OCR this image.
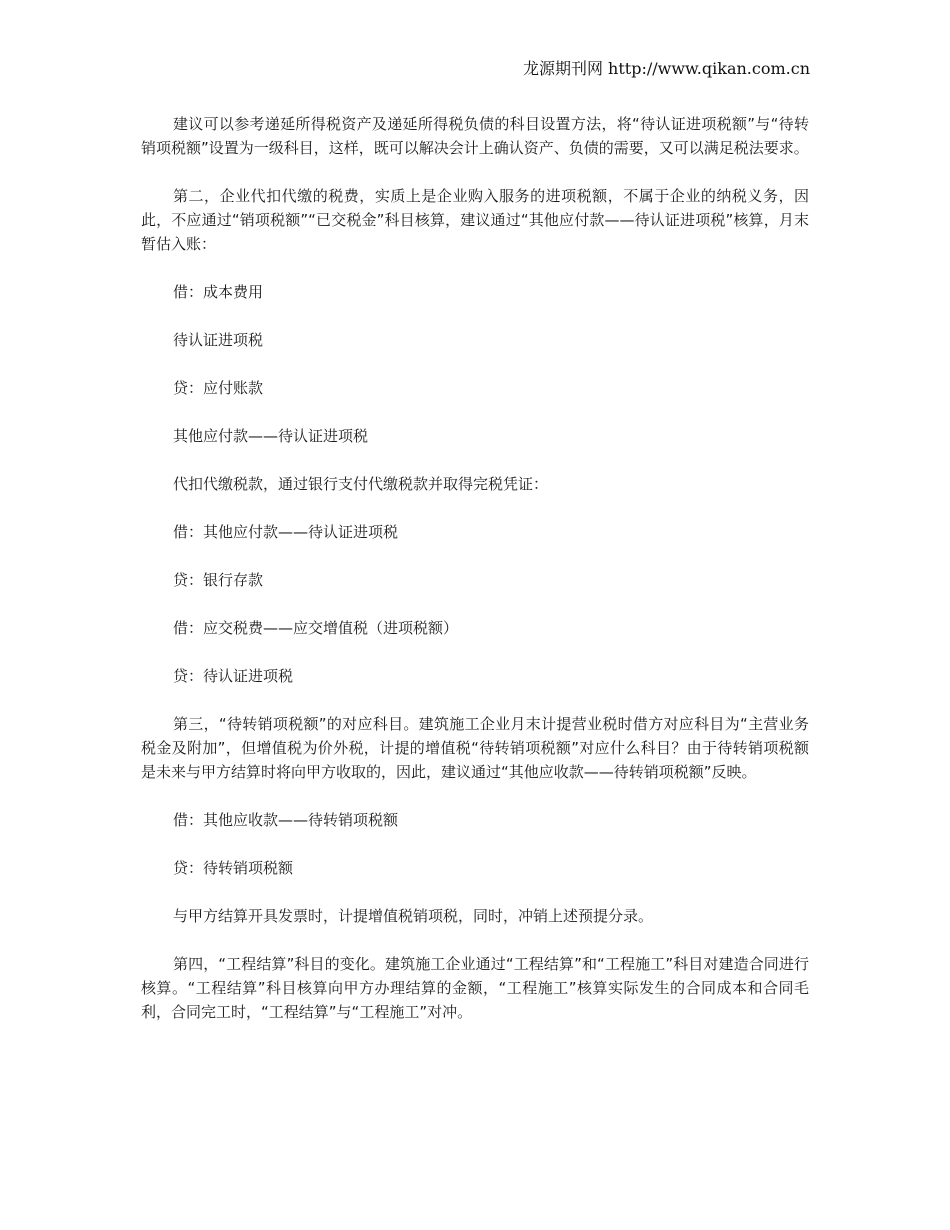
龙源期刊网 http://www.qikan.com.cn

建议可以参考递延所得税资产及递延所得税负债的科目设置方法，将“待认证进项税额”与“待转销项税额”设置为一级科目，这样，既可以解决会计上确认资产、负债的需要，又可以满足税法要求。

第二，企业代扣代缴的税费，实质上是企业购入服务的进项税额，不属于企业的纳税义务，因此，不应通过“销项税额”“已交税金”科目核算，建议通过“其他应付款——待认证进项税”核算，月末暂估入账：

借：成本费用

待认证进项税

贷：应付账款

其他应付款——待认证进项税

代扣代缴税款，通过银行支付代缴税款并取得完税凭证：

借：其他应付款——待认证进项税

贷：银行存款

借：应交税费——应交增值税（进项税额）

贷：待认证进项税

第三，“待转销项税额”的对应科目。建筑施工企业月末计提营业税时借方对应科目为“主营业务税金及附加”，但增值税为价外税，计提的增值税“待转销项税额”对应什么科目？由于待转销项税额是未来与甲方结算时将向甲方收取的，因此，建议通过“其他应收款——待转销项税额”反映。

借：其他应收款——待转销项税额

贷：待转销项税额

与甲方结算开具发票时，计提增值税销项税，同时，冲销上述预提分录。

第四，“工程结算”科目的变化。建筑施工企业通过“工程结算”和“工程施工”科目对建造合同进行核算。“工程结算”科目核算向甲方办理结算的金额，“工程施工”核算实际发生的合同成本和合同毛利，合同完工时，“工程结算”与“工程施工”对冲。
